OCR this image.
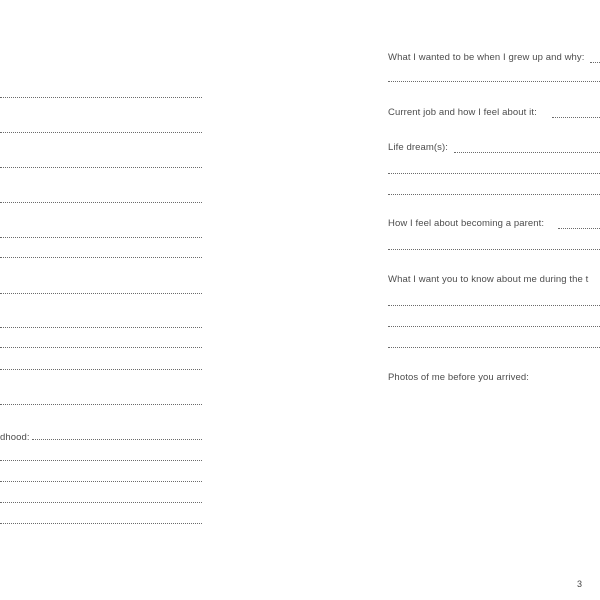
dhood:
What I wanted to be when I grew up and why:
Current job and how I feel about it:
Life dream(s):
How I feel about becoming a parent:
What I want you to know about me during the t
Photos of me before you arrived:
3
